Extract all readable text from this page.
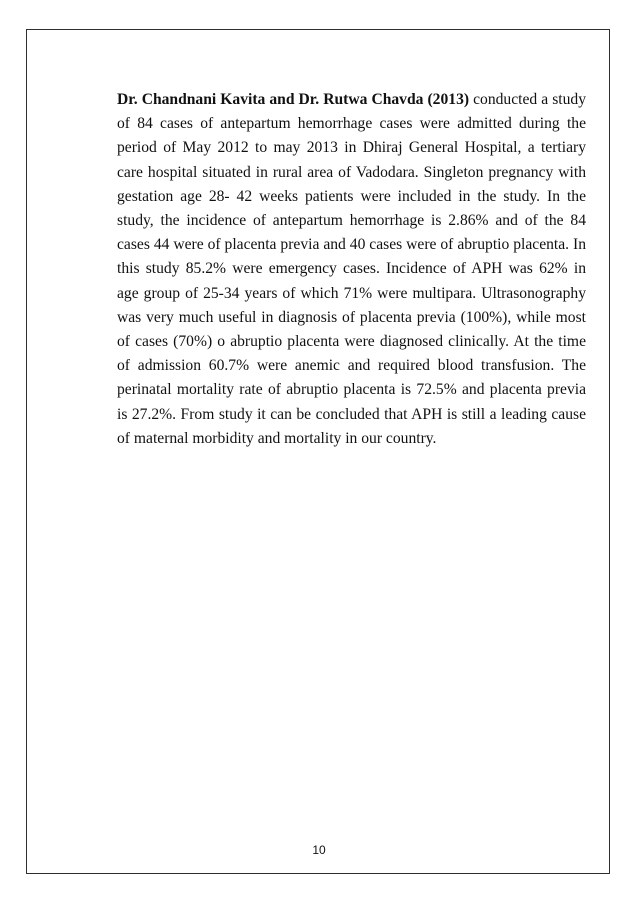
Dr. Chandnani Kavita and Dr. Rutwa Chavda (2013) conducted a study of 84 cases of antepartum hemorrhage cases were admitted during the period of May 2012 to may 2013 in Dhiraj General Hospital, a tertiary care hospital situated in rural area of Vadodara. Singleton pregnancy with gestation age 28- 42 weeks patients were included in the study. In the study, the incidence of antepartum hemorrhage is 2.86% and of the 84 cases 44 were of placenta previa and 40 cases were of abruptio placenta. In this study 85.2% were emergency cases. Incidence of APH was 62% in age group of 25-34 years of which 71% were multipara. Ultrasonography was very much useful in diagnosis of placenta previa (100%), while most of cases (70%) o abruptio placenta were diagnosed clinically. At the time of admission 60.7% were anemic and required blood transfusion. The perinatal mortality rate of abruptio placenta is 72.5% and placenta previa is 27.2%. From study it can be concluded that APH is still a leading cause of maternal morbidity and mortality in our country.

10
